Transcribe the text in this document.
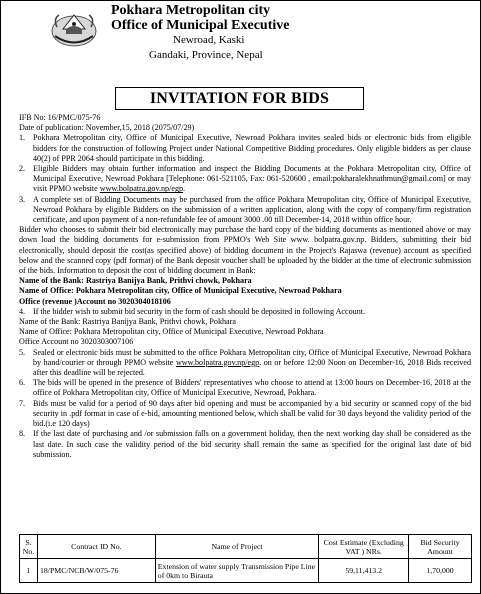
Pokhara Metropolitan city
Office of Municipal Executive
Newroad, Kaski
Gandaki, Province, Nepal
INVITATION FOR BIDS

IFB No: 16/PMC/075-76

Date of publication: November,15, 2018 (2075/07/29)

1. Pokhara Metropolitan city, Office of Municipal Executive, Newroad Pokhara invites sealed bids or electronic bids from eligible bidders for the construction of following Project under National Competitive Bidding procedures. Only eligible bidders as per clause 40(2) of PPR 2064 should participate in this bidding.
2. Eligible Bidders may obtain further information and inspect the Bidding Documents at the Pokhara Metropolitan city, Office of Municipal Executive, Newroad Pokhara [Telephone: 061-521105, Fax: 061-520600 , email:pokharalekhnathmun@gmail.com] or may visit PPMO website www.bolpatra.gov.np/egp.
3. A complete set of Bidding Documents may be purchased from the office Pokhara Metropolitan city, Office of Municipal Executive, Newroad Pokhara by eligible Bidders on the submission of a written application, along with the copy of company/firm registration certificate, and upon payment of a non-refundable fee of amount 3000 .00 till December-14, 2018 within office hour.

Bidder who chooses to submit their bid electronically may purchase the hard copy of the bidding documents as mentioned above or may down load the bidding documents for e-submission from PPMO's Web Site www. bolpatra.gov.np. Bidders, submitting their bid electronically, should deposit the cost(as specified above) of bidding document in the Project's Rajaswa (revenue) account as specified below and the scanned copy (pdf format) of the Bank deposit voucher shall be uploaded by the bidder at the time of electronic submission of the bids. Information to deposit the cost of bidding document in Bank:

Name of the Bank: Rastriya Banijya Bank, Prithvi chowk, Pokhara

Name of Office: Pokhara Metropolitan city, Office of Municipal Executive, Newroad Pokhara

Office (revenue )Account no 3020304018106

4. If the bidder wish to submit bid security in the form of cash should be deposited in following Account.

Name of the Bank: Rastriya Banijya Bank, Prithvi chowk, Pokhara

Name of Office: Pokhara Metropolitan city, Office of Municipal Executive, Newroad Pokhara

Office Account no 3020303007106

5. Sealed or electronic bids must be submitted to the office Pokhara Metropolitan city, Office of Municipal Executive, Newroad Pokhara by hand/courier or through PPMO website www.bolpatra.gov.np/egp. on or before 12:00 Noon on December-16, 2018 Bids received after this deadline will be rejected.
6. The bids will be opened in the presence of Bidders' representatives who choose to attend at 13:00 hours on December-16, 2018 at the office of Pokhara Metropolitan city, Office of Municipal Executive, Newroad, Pokhara.
7. Bids must be valid for a period of 90 days after bid opening and must be accompanied by a bid security or scanned copy of the bid security in .pdf format in case of e-bid, amounting mentioned below, which shall be valid for 30 days beyond the validity period of the bid.(i.e 120 days)
8. If the last date of purchasing and /or submission falls on a government holiday, then the next working day shall be considered as the last date. In such case the validity period of the bid security shall remain the same as specified for the original last date of bid submission.
S. No.	Contract ID No.	Name of Project	Cost Estimate (Excluding VAT ) NRs.	Bid Security Amount
1	18/PMC/NCB/W/075-76	Extension of water supply Transmission Pipe Line of 0km to Birauta	59,11,413.2	1,70,000
